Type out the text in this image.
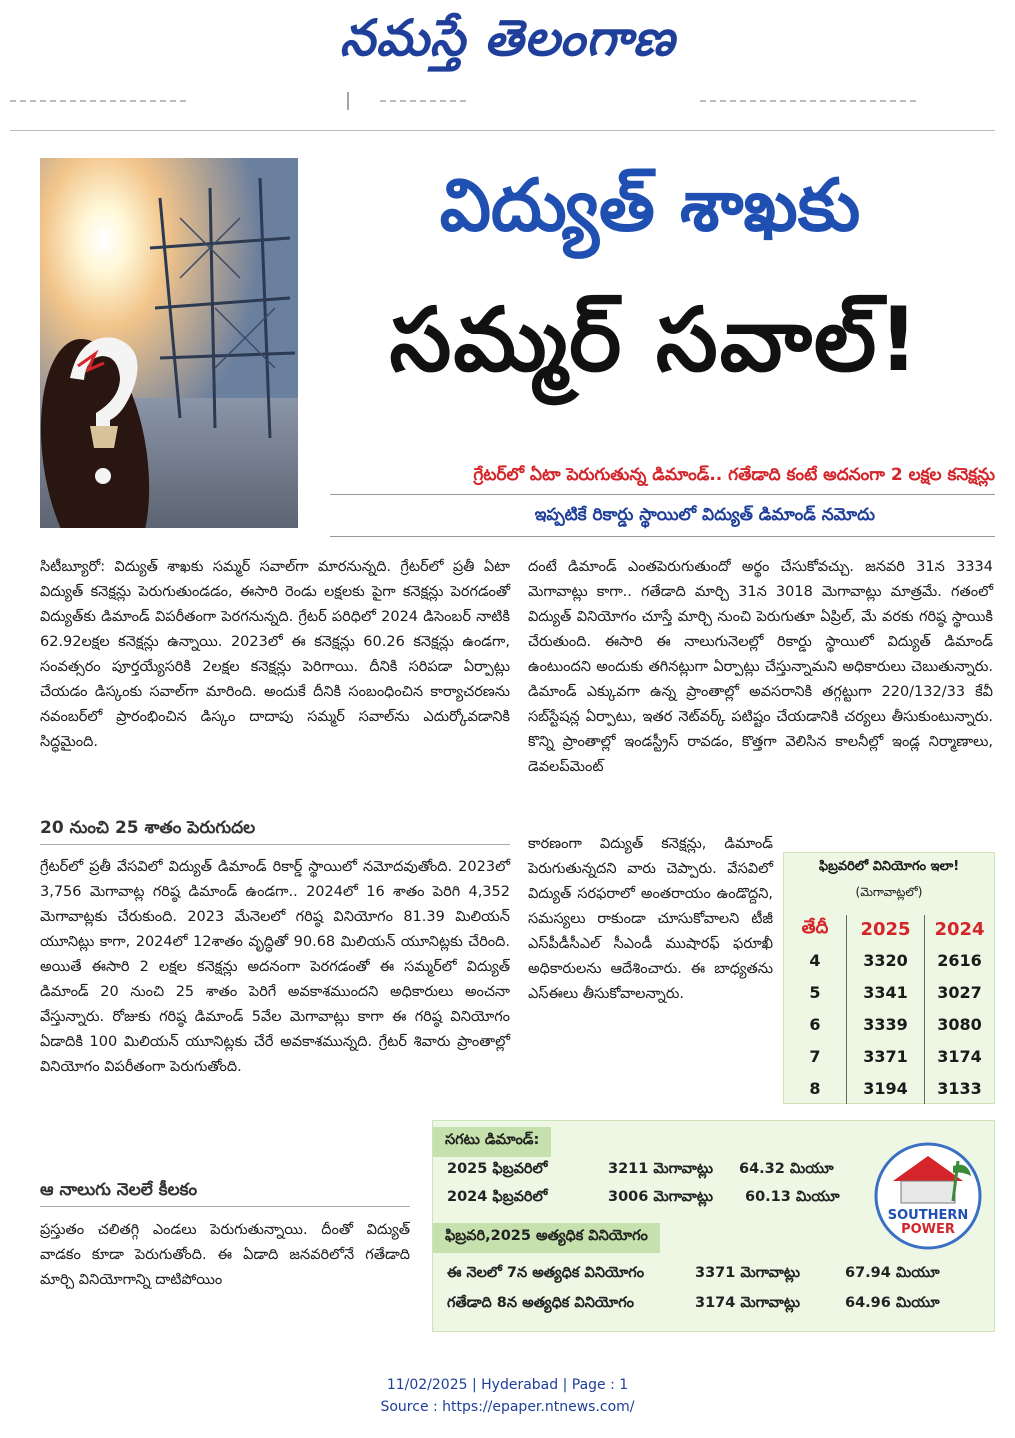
నమస్తే తెలంగాణ
విద్యుత్ శాఖకు
సమ్మర్ సవాల్!
గ్రేటర్‌లో ఏటా పెరుగుతున్న డిమాండ్.. గతేడాది కంటే అదనంగా 2 లక్షల కనెక్షన్లు
ఇప్పటికే రికార్డు స్థాయిలో విద్యుత్ డిమాండ్ నమోదు

సిటీబ్యూరో: విద్యుత్ శాఖకు సమ్మర్ సవాల్‌గా మారనున్నది. గ్రేటర్‌లో ప్రతీ ఏటా విద్యుత్ కనెక్షన్లు పెరుగుతుండడం, ఈసారి రెండు లక్షలకు పైగా కనెక్షన్లు పెరగడంతో విద్యుత్‌కు డిమాండ్ విపరీతంగా పెరగనున్నది. గ్రేటర్ పరిధిలో 2024 డిసెంబర్ నాటికి 62.92లక్షల కనెక్షన్లు ఉన్నాయి. 2023లో ఈ కనెక్షన్లు 60.26 కనెక్షన్లు ఉండగా, సంవత్సరం పూర్తయ్యేసరికి 2లక్షల కనెక్షన్లు పెరిగాయి. దీనికి సరిపడా ఏర్పాట్లు చేయడం డిస్కంకు సవాల్‌గా మారింది. అందుకే దీనికి సంబంధించిన కార్యాచరణను నవంబర్‌లో ప్రారంభించిన డిస్కం దాదాపు సమ్మర్ సవాల్‌ను ఎదుర్కోవడానికి సిద్ధమైంది.

20 నుంచి 25 శాతం పెరుగుదల

గ్రేటర్‌లో ప్రతీ వేసవిలో విద్యుత్ డిమాండ్ రికార్డ్ స్థాయిలో నమోదవుతోంది. 2023లో 3,756 మెగావాట్ల గరిష్ఠ డిమాండ్ ఉండగా.. 2024లో 16 శాతం పెరిగి 4,352 మెగావాట్లకు చేరుకుంది. 2023 మేనెలలో గరిష్ఠ వినియోగం 81.39 మిలియన్ యూనిట్లు కాగా, 2024లో 12శాతం వృద్ధితో 90.68 మిలియన్ యూనిట్లకు చేరింది. అయితే ఈసారి 2 లక్షల కనెక్షన్లు అదనంగా పెరగడంతో ఈ సమ్మర్‌లో విద్యుత్ డిమాండ్ 20 నుంచి 25 శాతం పెరిగే అవకాశముందని అధికారులు అంచనా వేస్తున్నారు. రోజుకు గరిష్ఠ డిమాండ్ 5వేల మెగావాట్లు కాగా ఈ గరిష్ఠ వినియోగం ఏడాదికి 100 మిలియన్ యూనిట్లకు చేరే అవకాశమున్నది. గ్రేటర్ శివారు ప్రాంతాల్లో వినియోగం విపరీతంగా పెరుగుతోంది.

ఆ నాలుగు నెలలే కీలకం

ప్రస్తుతం చలితగ్గి ఎండలు పెరుగుతున్నాయి. దీంతో విద్యుత్ వాడకం కూడా పెరుగుతోంది. ఈ ఏడాది జనవరిలోనే గతేడాది మార్చి వినియోగాన్ని దాటిపోయిం

దంటే డిమాండ్ ఎంతపెరుగుతుందో అర్థం చేసుకోవచ్చు. జనవరి 31న 3334 మెగావాట్లు కాగా.. గతేడాది మార్చి 31న 3018 మెగావాట్లు మాత్రమే. గతంలో విద్యుత్ వినియోగం చూస్తే మార్చి నుంచి పెరుగుతూ ఏప్రిల్, మే వరకు గరిష్ఠ స్థాయికి చేరుతుంది. ఈసారి ఈ నాలుగునెలల్లో రికార్డు స్థాయిలో విద్యుత్ డిమాండ్ ఉంటుందని అందుకు తగినట్లుగా ఏర్పాట్లు చేస్తున్నామని అధికారులు చెబుతున్నారు. డిమాండ్ ఎక్కువగా ఉన్న ప్రాంతాల్లో అవసరానికి తగ్గట్టుగా 220/132/33 కేవీ సబ్‌స్టేషన్ల ఏర్పాటు, ఇతర నెట్‌వర్క్ పటిష్టం చేయడానికి చర్యలు తీసుకుంటున్నారు. కొన్ని ప్రాంతాల్లో ఇండస్ట్రీస్ రావడం, కొత్తగా వెలిసిన కాలనీల్లో ఇండ్ల నిర్మాణాలు, డెవలప్‌మెంట్

కారణంగా విద్యుత్ కనెక్షన్లు, డిమాండ్ పెరుగుతున్నదని వారు చెప్పారు. వేసవిలో విద్యుత్ సరఫరాలో అంతరాయం ఉండొద్దని, సమస్యలు రాకుండా చూసుకోవాలని టీజీ ఎస్‌పీడీసీఎల్ సీఎండీ ముషారఫ్ ఫరూఖీ అధికారులను ఆదేశించారు. ఈ బాధ్యతను ఎస్‌ఈలు తీసుకోవాలన్నారు.

ఫిబ్రవరిలో వినియోగం ఇలా!
(మెగావాట్లలో)
తేదీ	2025	2024
4	3320	2616
5	3341	3027
6	3339	3080
7	3371	3174
8	3194	3133
సగటు డిమాండ్:
2025 ఫిబ్రవరిలో	3211 మెగావాట్లు 64.32 మియూ
2024 ఫిబ్రవరిలో	3006 మెగావాట్లు 60.13 మియూ
ఫిబ్రవరి,2025 అత్యధిక వినియోగం
ఈ నెలలో 7న అత్యధిక వినియోగం	3371 మెగావాట్లు	67.94 మియూ
గతేడాది 8న అత్యధిక వినియోగం	3174 మెగావాట్లు	64.96 మియూ
SOUTHERN
POWER
11/02/2025 | Hyderabad | Page : 1
Source : https://epaper.ntnews.com/
